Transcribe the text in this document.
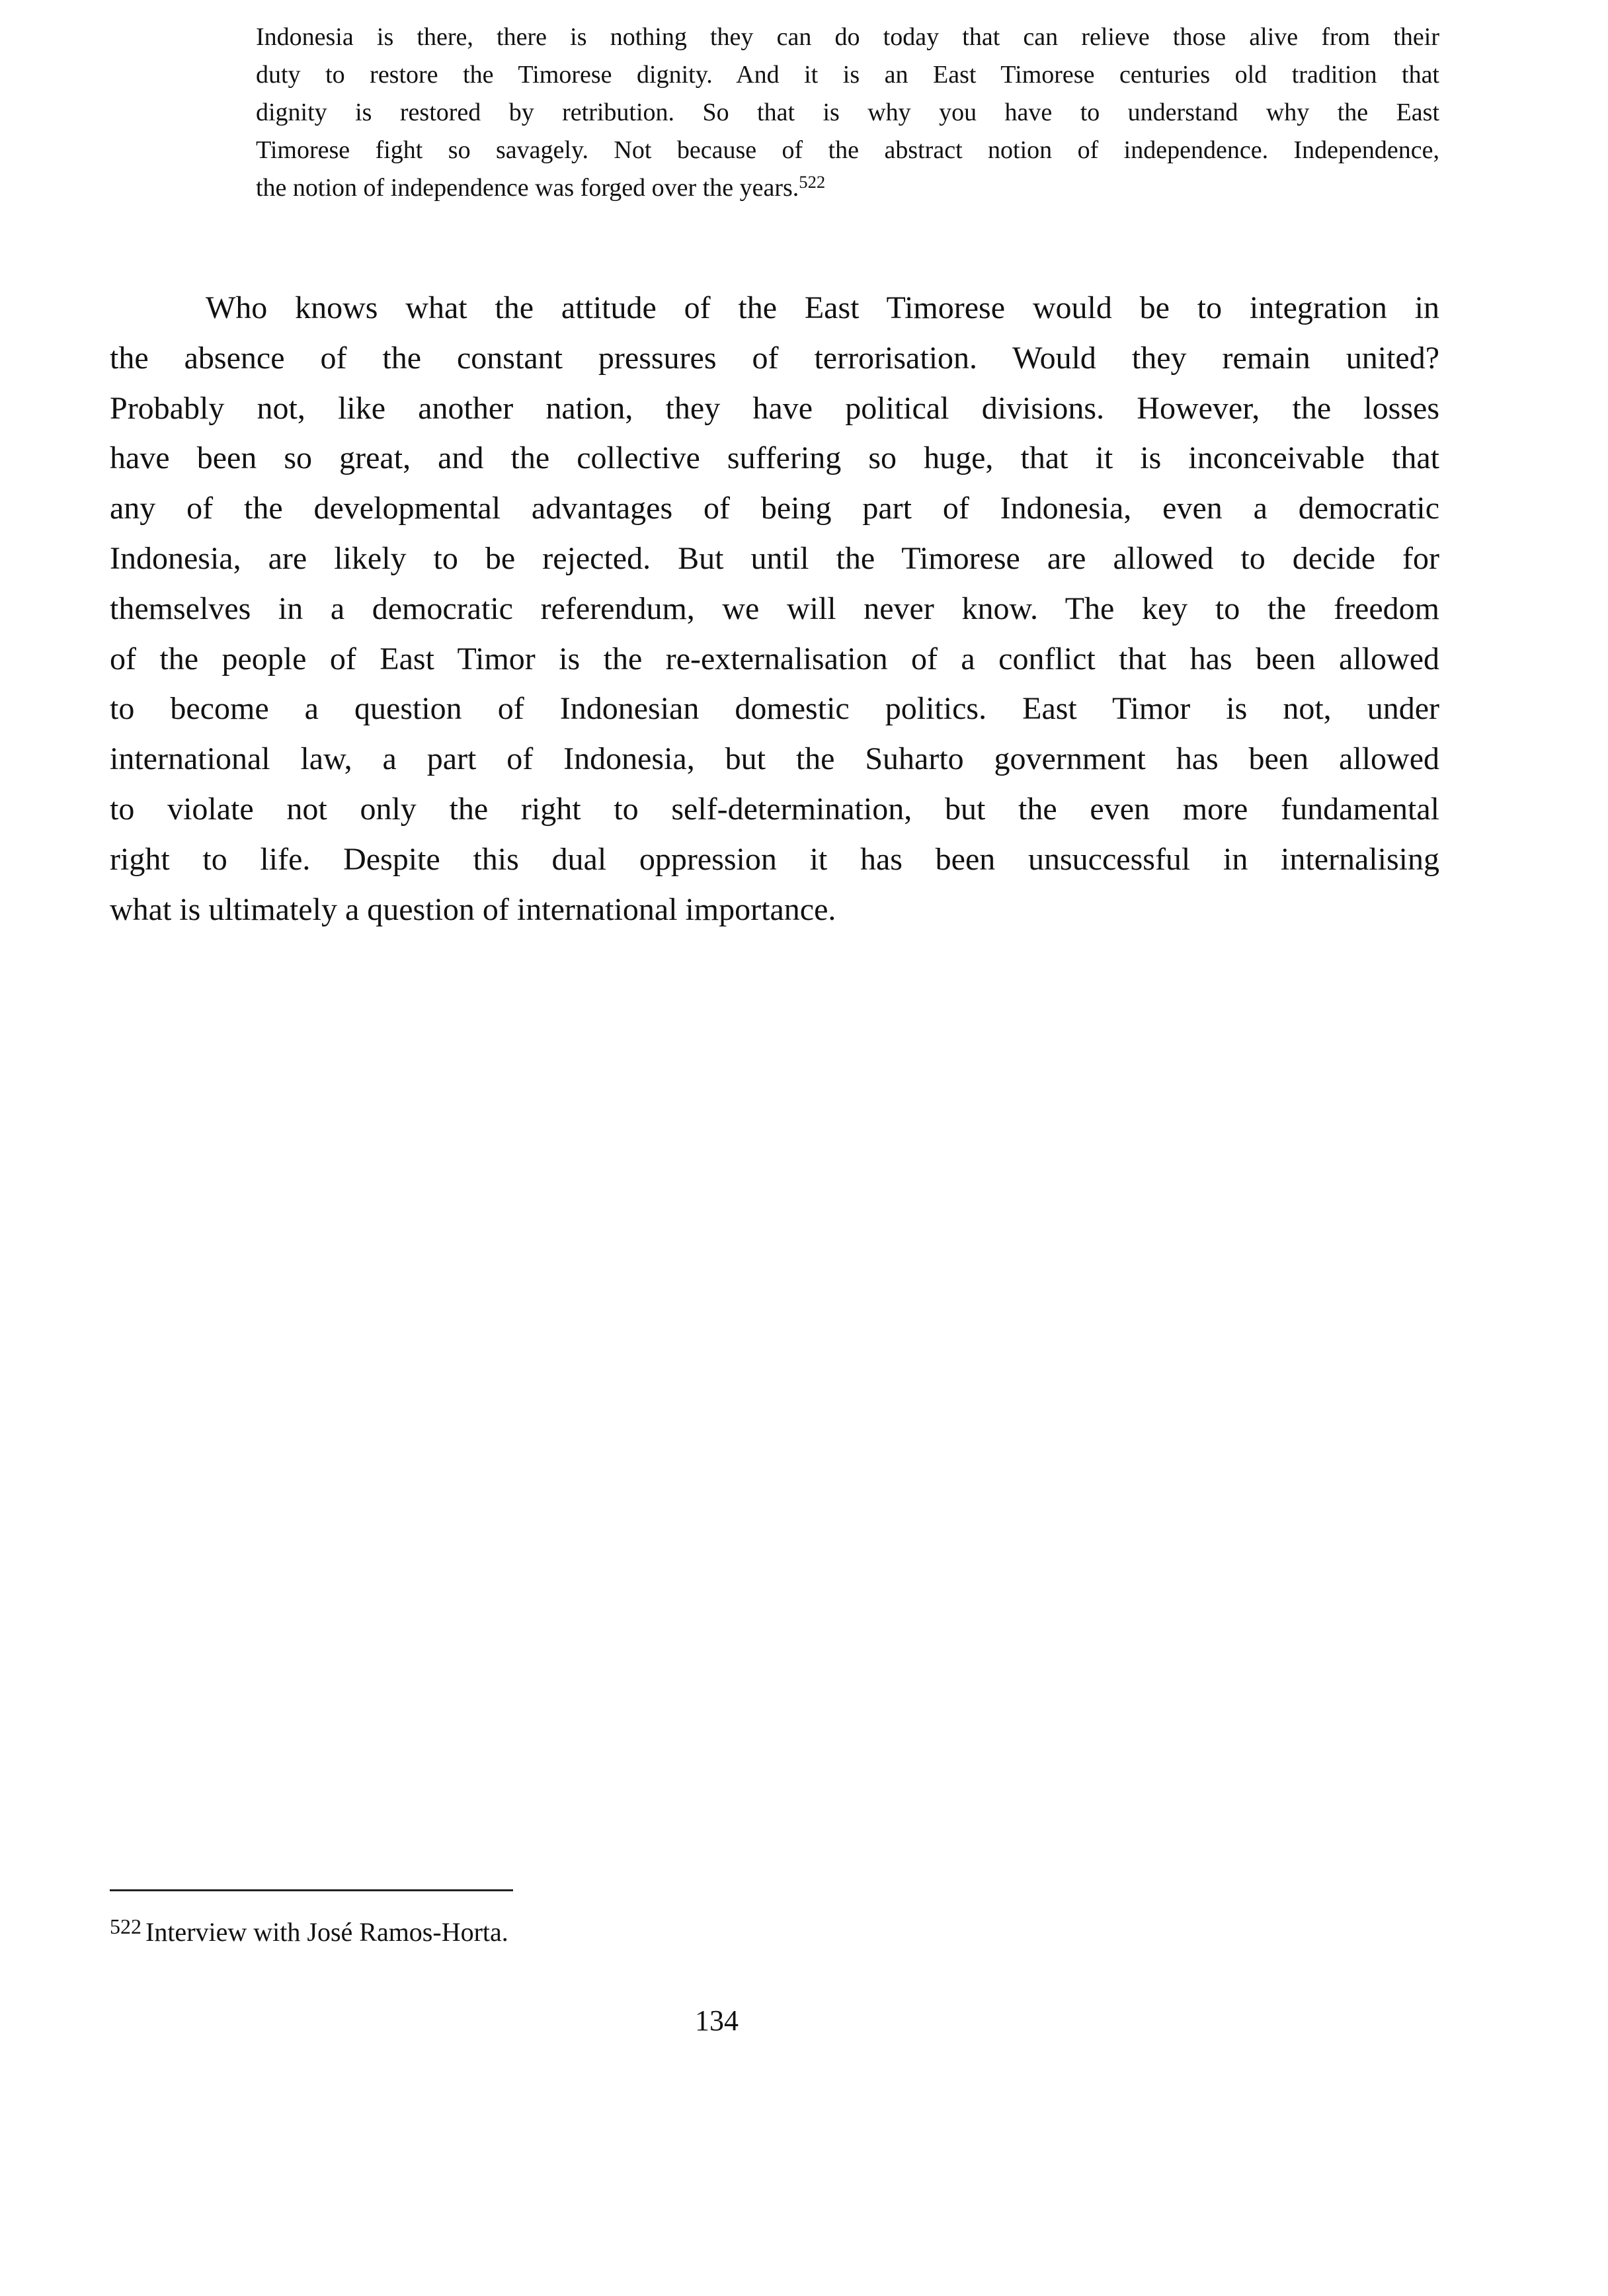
Indonesia is there, there is nothing they can do today that can relieve those alive from their
duty to restore the Timorese dignity. And it is an East Timorese centuries old tradition that
dignity is restored by retribution. So that is why you have to understand why the East
Timorese fight so savagely. Not because of the abstract notion of independence. Independence,
the notion of independence was forged over the years.$^{522}$
Who knows what the attitude of the East Timorese would be to integration in
the absence of the constant pressures of terrorisation. Would they remain united?
Probably not, like another nation, they have political divisions. However, the losses
have been so great, and the collective suffering so huge, that it is inconceivable that
any of the developmental advantages of being part of Indonesia, even a democratic
Indonesia, are likely to be rejected. But until the Timorese are allowed to decide for
themselves in a democratic referendum, we will never know. The key to the freedom
of the people of East Timor is the re-externalisation of a conflict that has been allowed
to become a question of Indonesian domestic politics. East Timor is not, under
international law, a part of Indonesia, but the Suharto government has been allowed
to violate not only the right to self-determination, but the even more fundamental
right to life. Despite this dual oppression it has been unsuccessful in internalising
what is ultimately a question of international importance.
$^{522}$ Interview with José Ramos-Horta.
134
